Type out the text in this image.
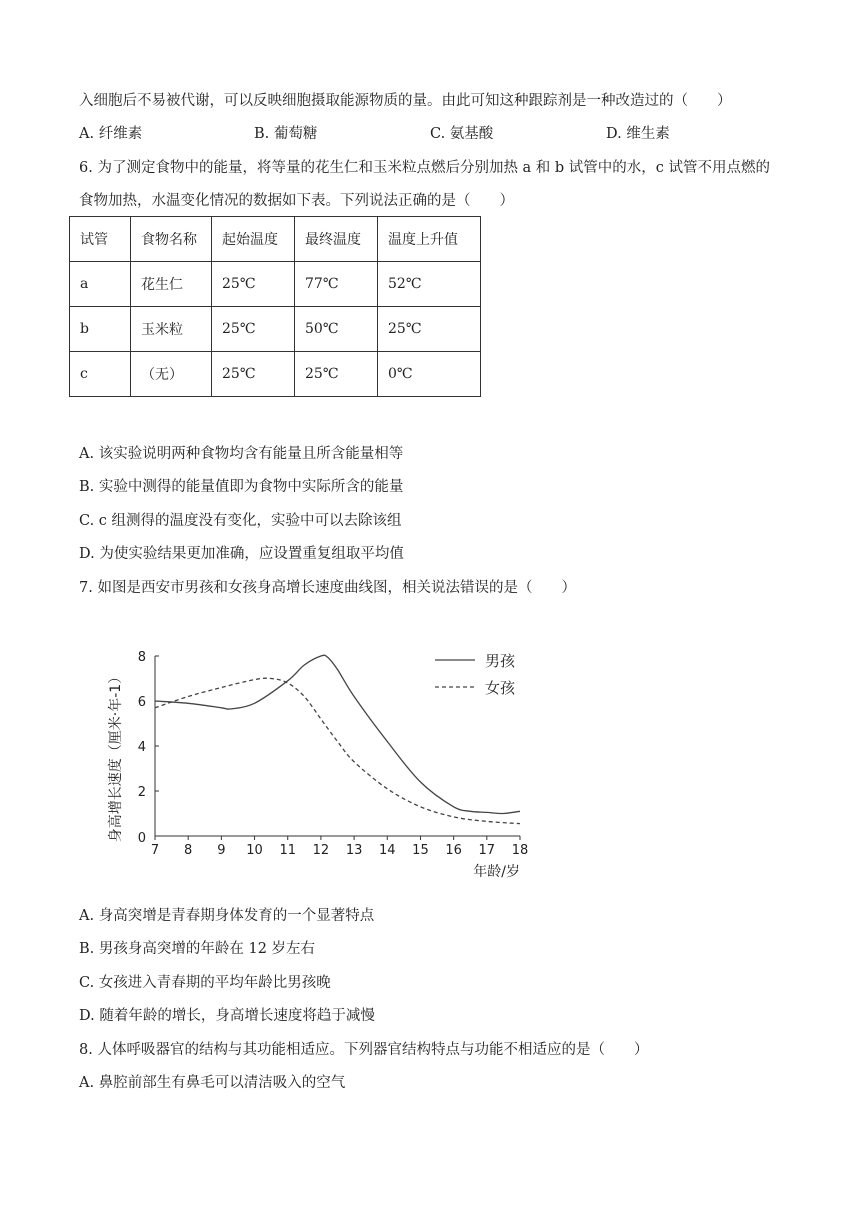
入细胞后不易被代谢，可以反映细胞摄取能源物质的量。由此可知这种跟踪剂是一种改造过的（　　）
A. 纤维素	B. 葡萄糖	C. 氨基酸	D. 维生素
6. 为了测定食物中的能量，将等量的花生仁和玉米粒点燃后分别加热 a 和 b 试管中的水，c 试管不用点燃的
食物加热，水温变化情况的数据如下表。下列说法正确的是（　　）
试管	食物名称	起始温度	最终温度	温度上升值
a	花生仁	25℃	77℃	52℃
b	玉米粒	25℃	50℃	25℃
c	（无）	25℃	25℃	0℃
A. 该实验说明两种食物均含有能量且所含能量相等
B. 实验中测得的能量值即为食物中实际所含的能量
C. c 组测得的温度没有变化，实验中可以去除该组
D. 为使实验结果更加准确，应设置重复组取平均值
7. 如图是西安市男孩和女孩身高增长速度曲线图，相关说法错误的是（　　）
7 8 9 10 11 12 13 14 15 16 17 18
0
2
4
6
8
身高增长速度（厘米·年-1）
年龄/岁
男孩
女孩
A. 身高突增是青春期身体发育的一个显著特点
B. 男孩身高突增的年龄在 12 岁左右
C. 女孩进入青春期的平均年龄比男孩晚
D. 随着年龄的增长，身高增长速度将趋于减慢
8. 人体呼吸器官的结构与其功能相适应。下列器官结构特点与功能不相适应的是（　　）
A. 鼻腔前部生有鼻毛可以清洁吸入的空气
